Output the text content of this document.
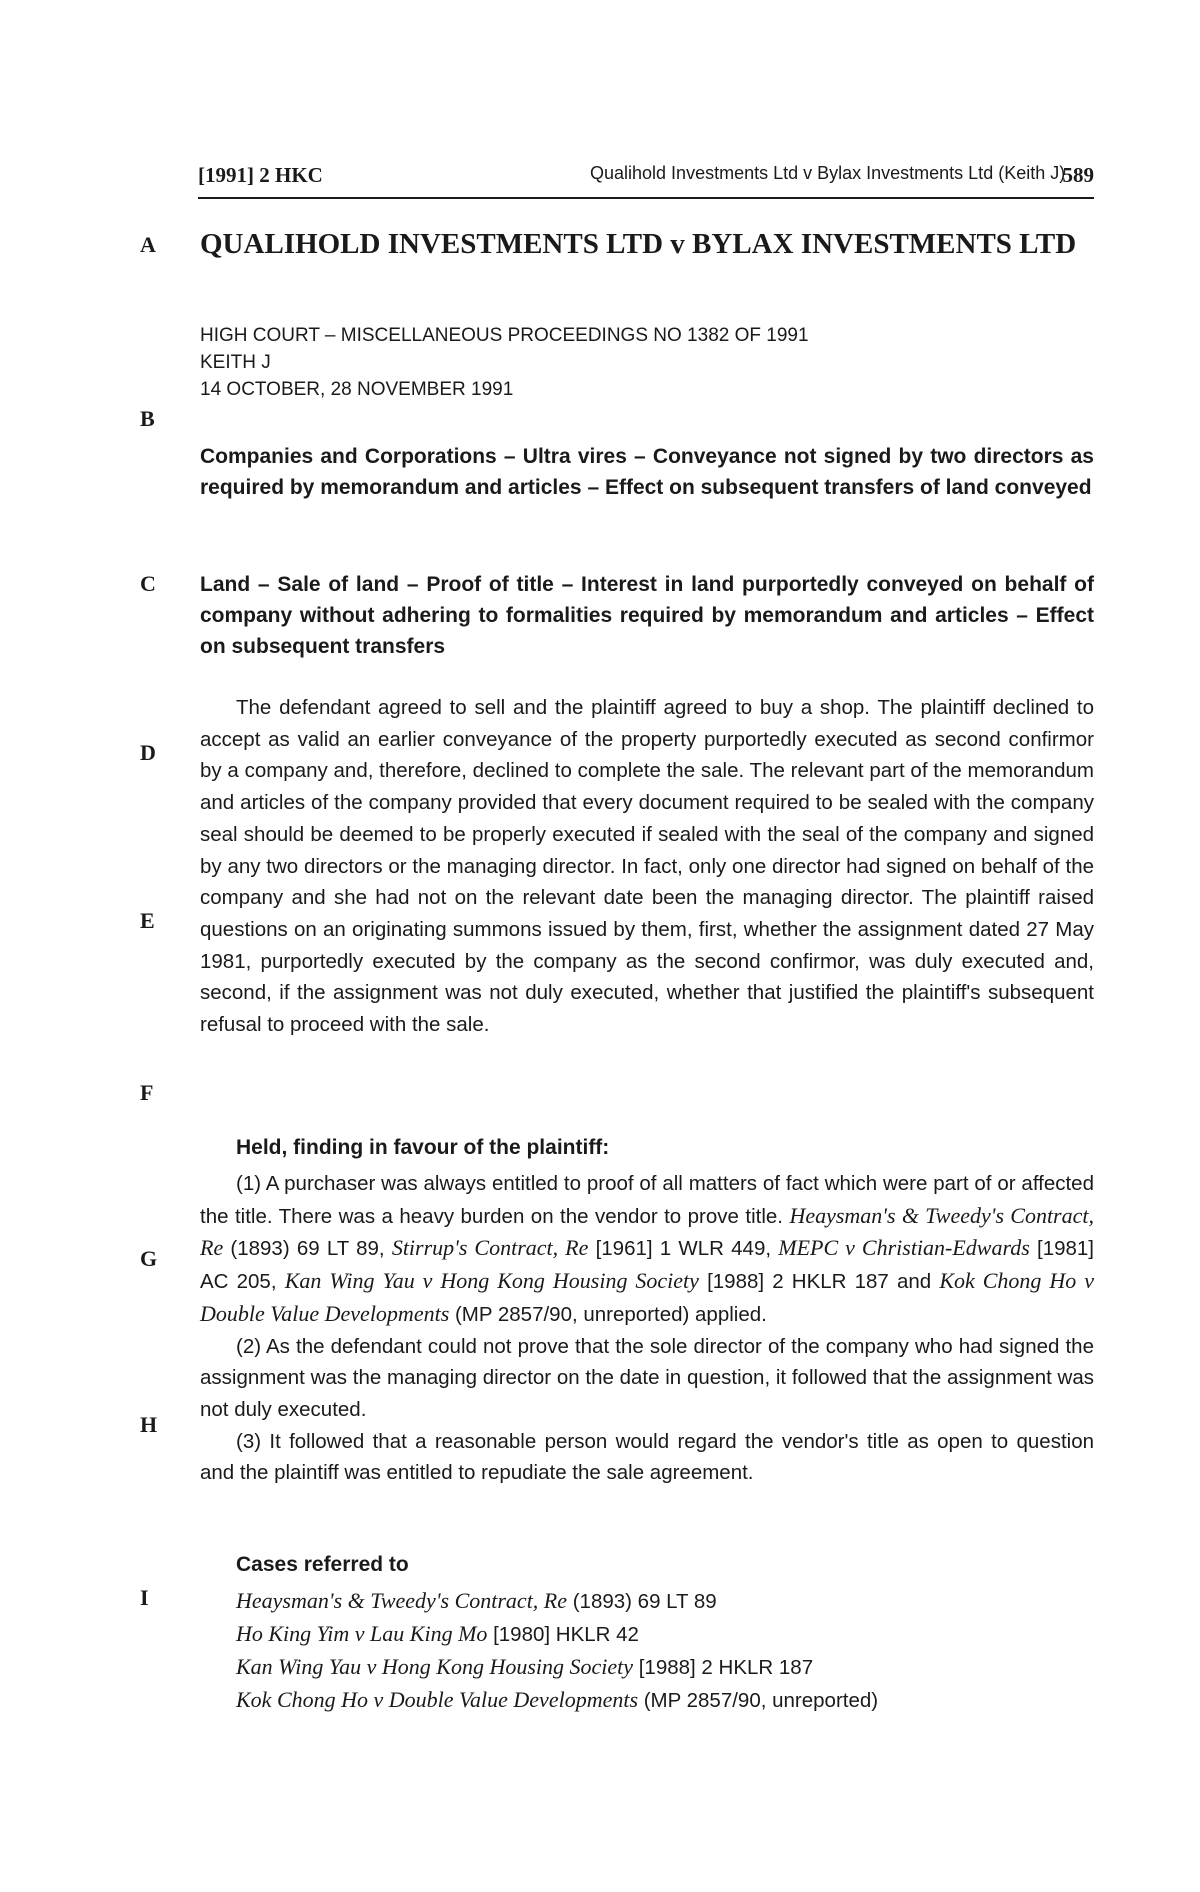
[1991] 2 HKC	Qualihold Investments Ltd v Bylax Investments Ltd (Keith J)
589
A
B
C
D
E
F
G
H
I
QUALIHOLD INVESTMENTS LTD v BYLAX INVESTMENTS LTD
HIGH COURT – MISCELLANEOUS PROCEEDINGS NO 1382 OF 1991
KEITH J
14 OCTOBER, 28 NOVEMBER 1991

Companies and Corporations – Ultra vires – Conveyance not signed by two directors as required by memorandum and articles – Effect on subsequent transfers of land conveyed

Land – Sale of land – Proof of title – Interest in land purportedly conveyed on behalf of company without adhering to formalities required by memorandum and articles – Effect on subsequent transfers

The defendant agreed to sell and the plaintiff agreed to buy a shop. The plaintiff declined to accept as valid an earlier conveyance of the property purportedly executed as second confirmor by a company and, therefore, declined to complete the sale. The relevant part of the memorandum and articles of the company provided that every document required to be sealed with the company seal should be deemed to be properly executed if sealed with the seal of the company and signed by any two directors or the managing director. In fact, only one director had signed on behalf of the company and she had not on the relevant date been the managing director. The plaintiff raised questions on an originating summons issued by them, first, whether the assignment dated 27 May 1981, purportedly executed by the company as the second confirmor, was duly executed and, second, if the assignment was not duly executed, whether that justified the plaintiff's subsequent refusal to proceed with the sale.

Held, finding in favour of the plaintiff:

(1) A purchaser was always entitled to proof of all matters of fact which were part of or affected the title. There was a heavy burden on the vendor to prove title. Heaysman's & Tweedy's Contract, Re (1893) 69 LT 89, Stirrup's Contract, Re [1961] 1 WLR 449, MEPC v Christian-Edwards [1981] AC 205, Kan Wing Yau v Hong Kong Housing Society [1988] 2 HKLR 187 and Kok Chong Ho v Double Value Developments (MP 2857/90, unreported) applied.

(2) As the defendant could not prove that the sole director of the company who had signed the assignment was the managing director on the date in question, it followed that the assignment was not duly executed.

(3) It followed that a reasonable person would regard the vendor's title as open to question and the plaintiff was entitled to repudiate the sale agreement.

Cases referred to
Heaysman's & Tweedy's Contract, Re (1893) 69 LT 89
Ho King Yim v Lau King Mo [1980] HKLR 42
Kan Wing Yau v Hong Kong Housing Society [1988] 2 HKLR 187
Kok Chong Ho v Double Value Developments (MP 2857/90, unreported)
